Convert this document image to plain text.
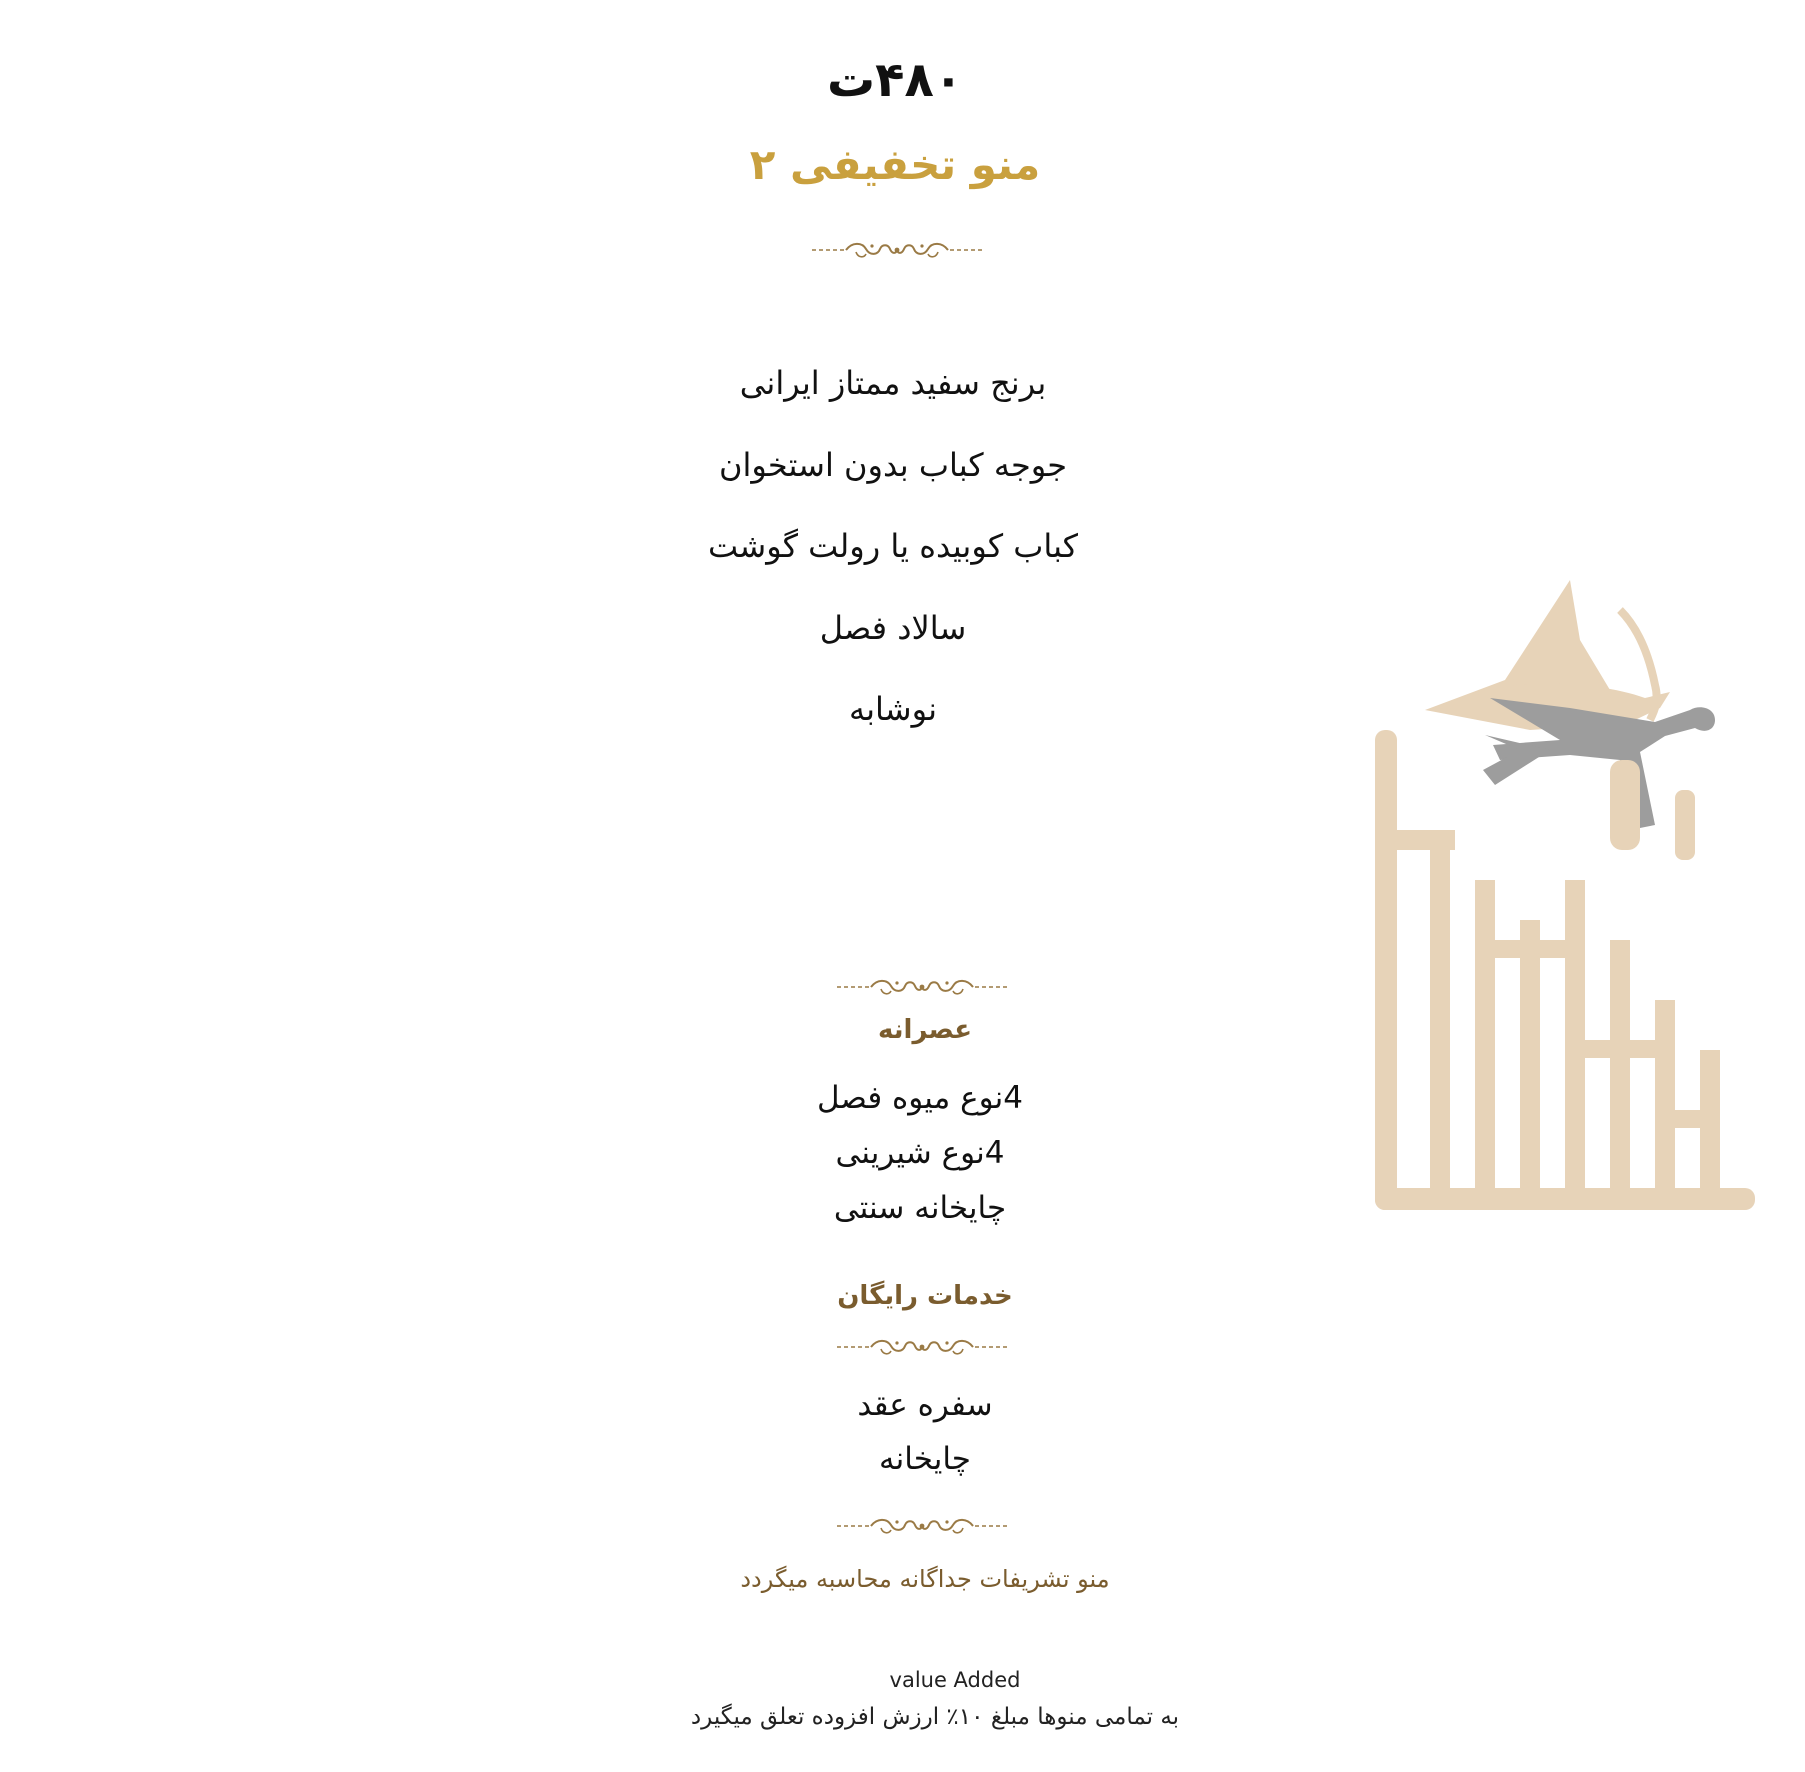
۴۸۰ت
منو تخفیفی ۲
برنج سفید ممتاز ایرانی
جوجه کباب بدون استخوان
کباب کوبیده یا رولت گوشت
سالاد فصل
نوشابه
عصرانه
4نوع میوه فصل
4نوع شیرینی
چایخانه سنتی
خدمات رایگان
سفره عقد
چایخانه
منو تشریفات جداگانه محاسبه میگردد
value Added
به تمامی منوها مبلغ ۱۰٪ ارزش افزوده تعلق میگیرد
